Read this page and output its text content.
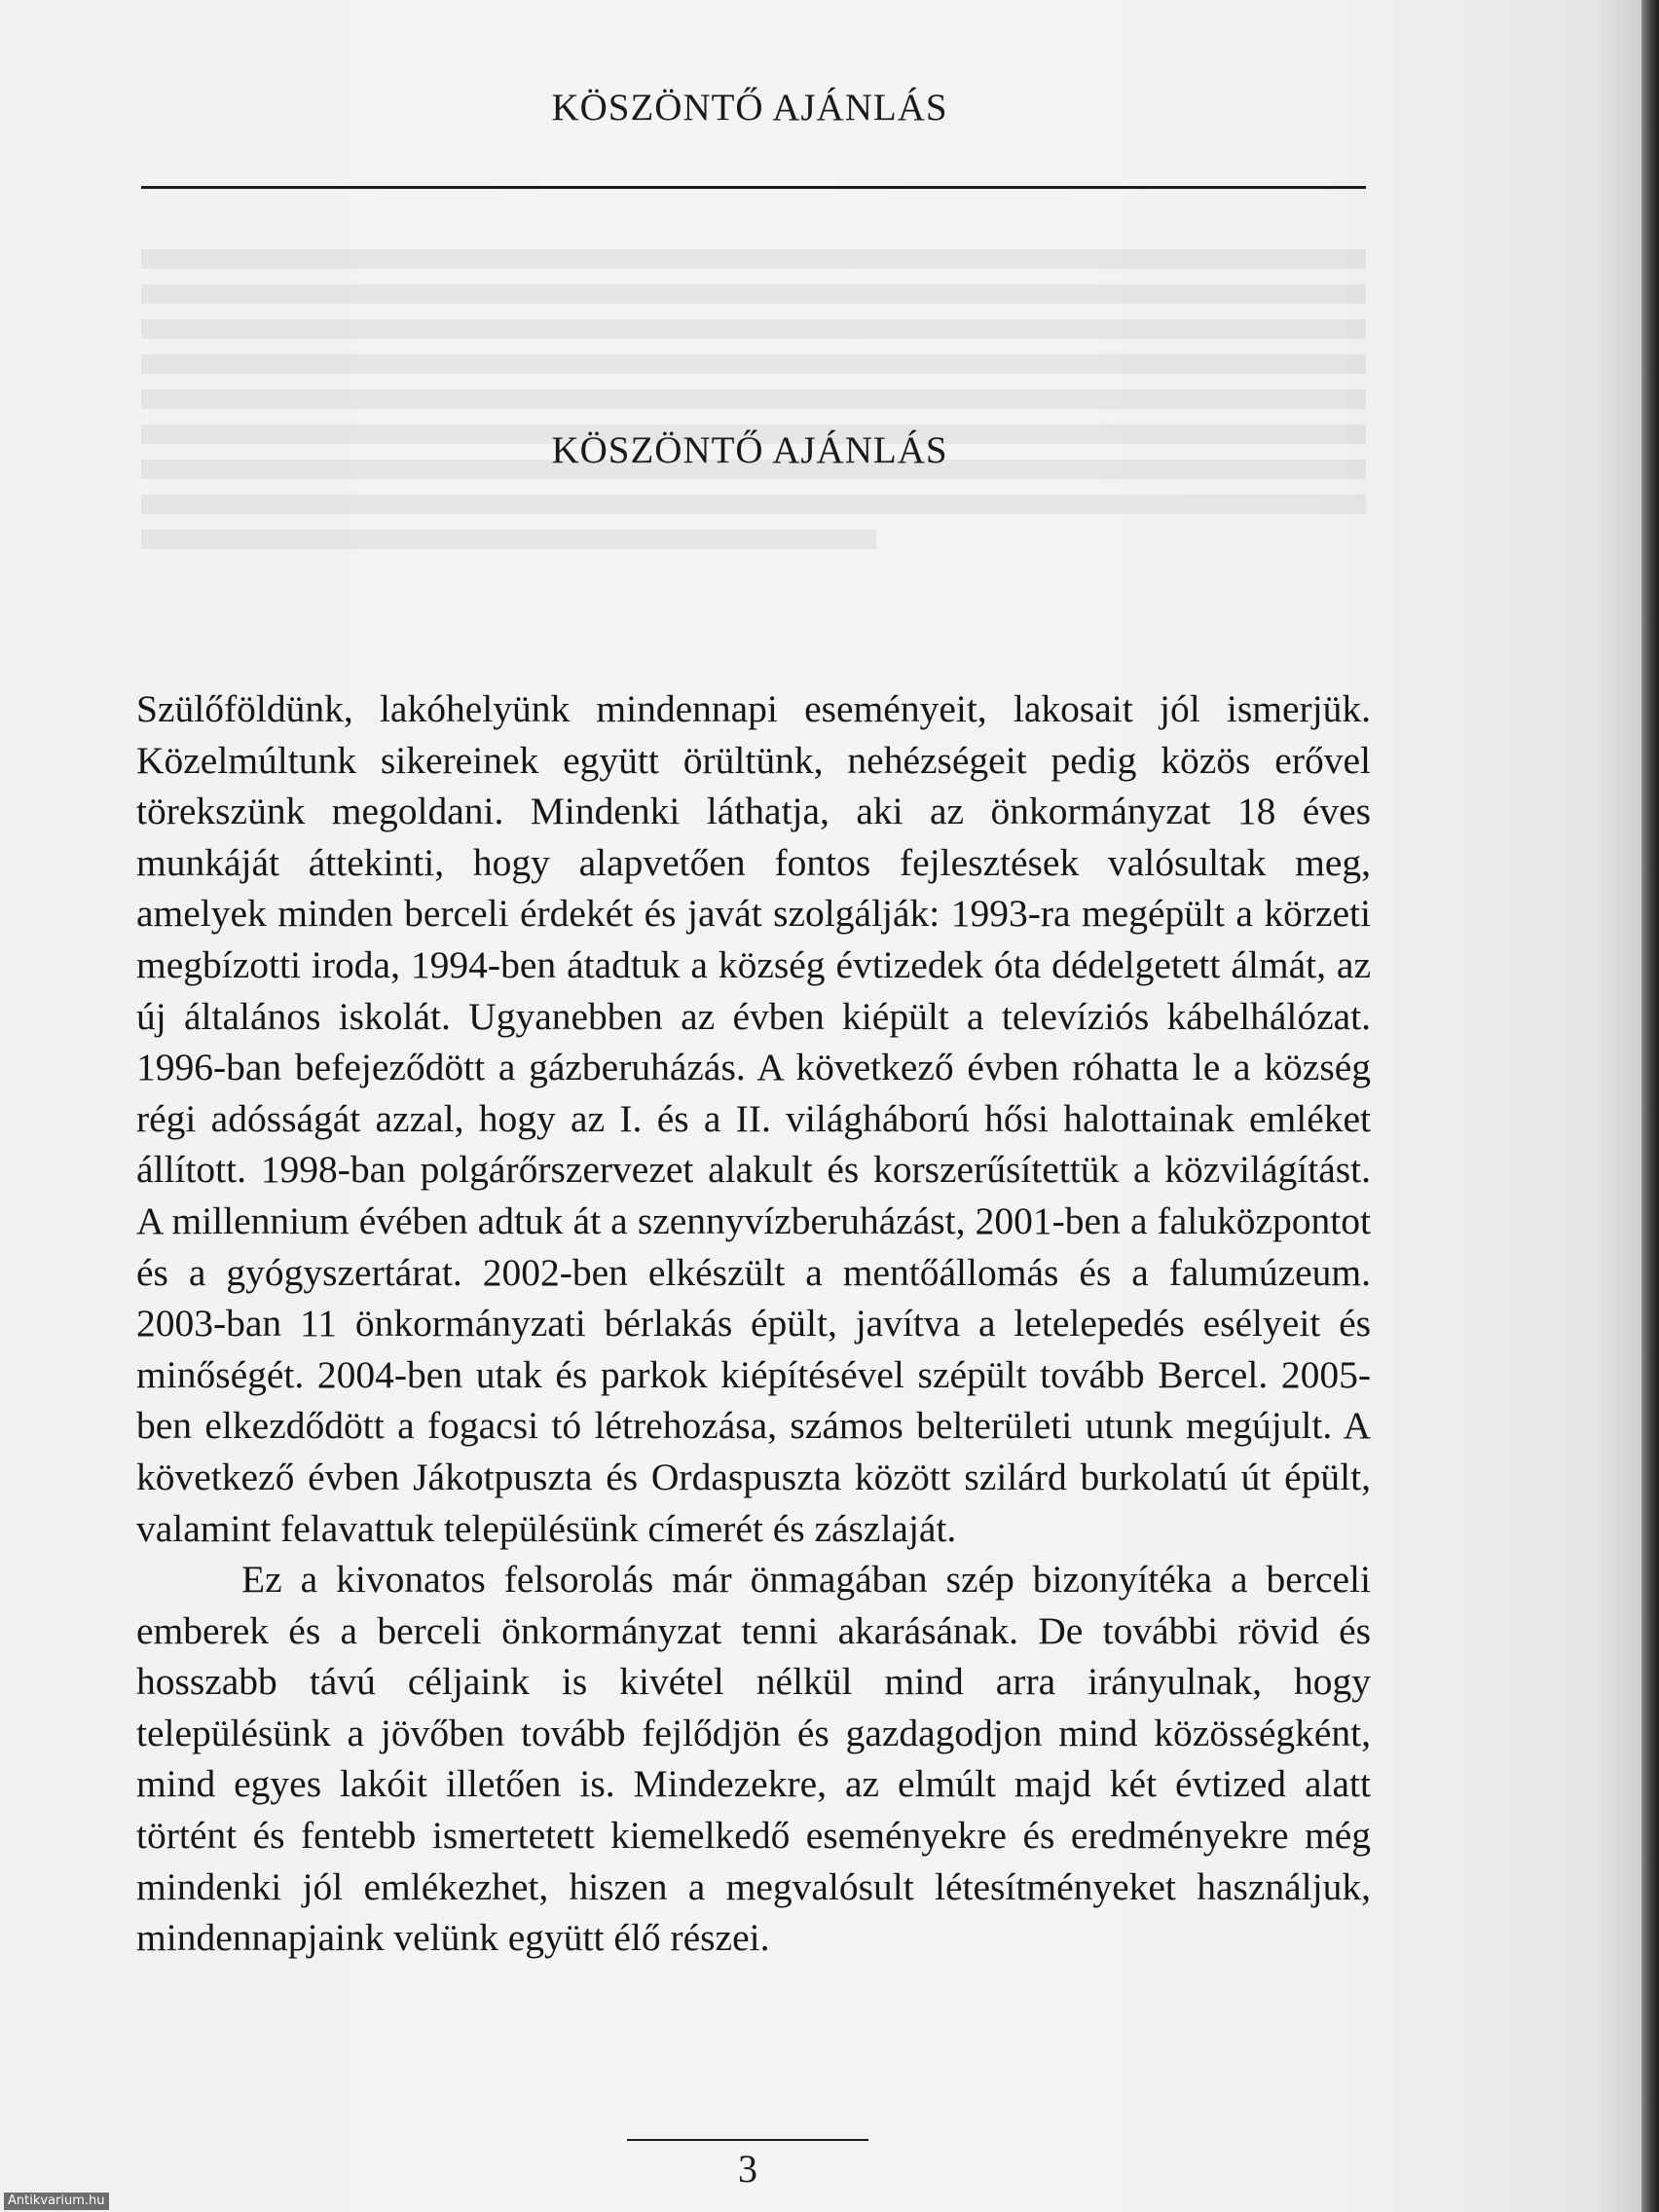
KÖSZÖNTŐ AJÁNLÁS
KÖSZÖNTŐ AJÁNLÁS

Szülőföldünk, lakóhelyünk mindennapi eseményeit, lakosait jól ismerjük. Közelmúltunk sikereinek együtt örültünk, nehézségeit pedig közös erővel törekszünk megoldani. Mindenki láthatja, aki az önkormányzat 18 éves munkáját áttekinti, hogy alapvetően fontos fejlesztések valósultak meg, amelyek minden berceli érdekét és javát szolgálják: 1993-ra megépült a körzeti megbízotti iroda, 1994-ben átadtuk a község évtizedek óta dédelgetett álmát, az új általános iskolát. Ugyanebben az évben kiépült a televíziós kábelhálózat. 1996-ban befejeződött a gázberuházás. A következő évben róhatta le a község régi adósságát azzal, hogy az I. és a II. világháború hősi halottainak emléket állított. 1998-ban polgárőrszervezet alakult és korszerűsítettük a közvilágítást. A millennium évében adtuk át a szennyvízberuházást, 2001-ben a faluközpontot és a gyógyszertárat. 2002-ben elkészült a mentőállomás és a falumúzeum. 2003-ban 11 önkormányzati bérlakás épült, javítva a letelepedés esélyeit és minőségét. 2004-ben utak és parkok kiépítésével szépült tovább Bercel. 2005-ben elkezdődött a fogacsi tó létrehozása, számos belterületi utunk megújult. A következő évben Jákotpuszta és Ordaspuszta között szilárd burkolatú út épült, valamint felavattuk településünk címerét és zászlaját.

Ez a kivonatos felsorolás már önmagában szép bizonyítéka a berceli emberek és a berceli önkormányzat tenni akarásának. De további rövid és hosszabb távú céljaink is kivétel nélkül mind arra irányulnak, hogy településünk a jövőben tovább fejlődjön és gazdagodjon mind közösségként, mind egyes lakóit illetően is. Mindezekre, az elmúlt majd két évtized alatt történt és fentebb ismertetett kiemelkedő eseményekre és eredményekre még mindenki jól emlékezhet, hiszen a megvalósult létesítményeket használjuk, mindennapjaink velünk együtt élő részei.

3
Antikvarium.hu
